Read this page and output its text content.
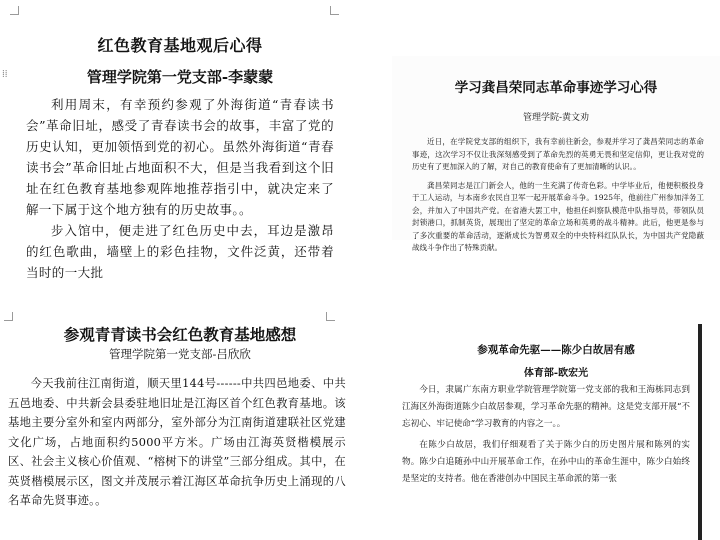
⁞⁞
红色教育基地观后心得
管理学院第一党支部-李蒙蒙

利用周末，有幸预约参观了外海街道“青春读书会”革命旧址，感受了青春读书会的故事，丰富了党的历史认知，更加领悟到党的初心。虽然外海街道“青春读书会”革命旧址占地面积不大，但是当我看到这个旧址在红色教育基地参观阵地推荐指引中，就决定来了解一下属于这个地方独有的历史故事。。

步入馆中，便走进了红色历史中去，耳边是激昂的红色歌曲，墙壁上的彩色挂物，文件泛黄，还带着当时的一大批

学习龚昌荣同志革命事迹学习心得
管理学院-黄文劝

近日，在学院党支部的组织下，我有幸前往新会，参观并学习了龚昌荣同志的革命事迹，这次学习不仅让我深刻感受到了革命先烈的英勇无畏和坚定信仰，更让我对党的历史有了更加深入的了解，对自己的教育使命有了更加清晰的认识。。

龚昌荣同志是江门新会人，他的一生充满了传奇色彩。中学毕业后，他便积极投身于工人运动，与本南乡农民自卫军一起开展革命斗争。1925年，他前往广州参加洋务工会，并加入了中国共产党。在省港大罢工中，他担任纠察队模范中队指导员，带领队员封锁港口，抓制英货，展现出了坚定的革命立场和英勇的战斗精神。此后，他更是参与了多次重要的革命活动，逐渐成长为智勇双全的中央特科红队队长，为中国共产党隐蔽战线斗争作出了特殊贡献。

参观青青读书会红色教育基地感想
管理学院第一党支部-吕欣欣

今天我前往江南街道，顺天里144号------中共四邑地委、中共五邑地委、中共新会县委驻地旧址是江海区首个红色教育基地。该基地主要分室外和室内两部分，室外部分为江南街道建联社区党建文化广场，占地面积约5000平方米。广场由江海英贤楷模展示区、社会主义核心价值观、“榕树下的讲堂”三部分组成。其中，在英贤楷模展示区，图文并茂展示着江海区革命抗争历史上涌现的八名革命先贤事迹。。

参观革命先驱——陈少白故居有感
体育部-欧宏光

今日，隶属广东南方职业学院管理学院第一党支部的我和王海栋同志到江海区外海街道陈少白故居参观，学习革命先驱的精神。这是党支部开展“不忘初心、牢记使命”学习教育的内容之一。。

在陈少白故居，我们仔细观看了关于陈少白的历史图片展和陈列的实物。陈少白追随孙中山开展革命工作，在孙中山的革命生涯中，陈少白始终是坚定的支持者。他在香港创办中国民主革命派的第一张
